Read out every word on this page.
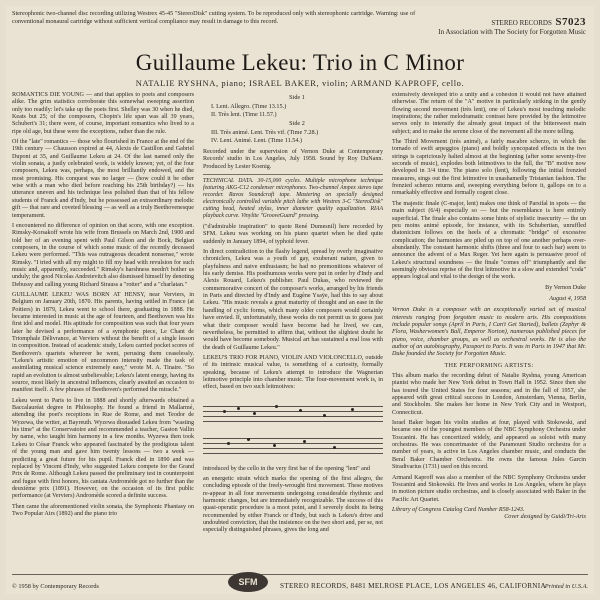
Stereophonic two-channel disc recording utilizing Westrex 45-45 "StereoDisk" cutting system. To be reproduced only with stereophonic cartridge. Warning: use of conventional monaural cartridge without sufficient vertical compliance may result in damage to this record.	STEREO RECORDS S7023
In Association with The Society for Forgotten Music
Guillaume Lekeu: Trio in C Minor
NATALIE RYSHNA, piano; ISRAEL BAKER, violin; ARMAND KAPROFF, cello.

ROMANTICS DIE YOUNG — and that applies to poets and composers alike. The grim statistics corroborate this somewhat sweeping assertion only too readily: let's take up the poets first. Shelley was 30 when he died, Keats but 25; of the composers, Chopin's life span was all 39 years, Schubert's 31; there were, of course, important romantics who lived to a ripe old age, but these were the exceptions, rather than the rule.

Of the "late" romantics — those who flourished in France at the end of the 19th century — Chausson expired at 44, Alexis de Castillon and Gabriel Dupont at 35, and Guillaume Lekeu at 24. Of the last named only the violin sonata, a justly celebrated work, is widely known; yet, of the four composers, Lekeu was, perhaps, the most brilliantly endowed, and the most promising. His conquest was no larger — (how could it be other wise with a man who died before reaching his 25th birthday?) — his utterance uneven and his technique less polished than that of his fellow students of Franck and d'Indy, but he possessed an extraordinary melodic gift — that rare and coveted blessing — as well as a truly Beethovenesque temperament.

I encountered no difference of opinion on that score, with one exception. Rimsky-Korsakoff wrote his wife from Brussels on March 2nd, 1900 and told her of an evening spent with Paul Gilson and de Bock, Belgian composers, in the course of which some music of the recently deceased Lekeu were performed. "This was outrageous decadent nonsense," wrote Rimsky. "I tried with all my might to fill my head with revulsion for such music and, apparently, succeeded." Rimsky's harshness needn't bother us unduly; the good Nicolas Andreievitch also dismissed himself by denoting Debussy and calling young Richard Strauss a "rotter" and a "charlatan."

GUILLAUME LEKEU WAS BORN AT HENSY, near Verviers, in Belgium on January 20th, 1870. His parents, having settled in France (at Poitiers) in 1879, Lekeu went to school there, graduating in 1888. He became interested in music at the age of fourteen, and Beethoven was his first idol and model. His aptitude for composition was such that four years later he devised a performance of a symphonic piece, Le Chant de Triomphale Délivrance, at Verviers without the benefit of a single lesson in composition. Instead of academic study, Lekeu carried pocket scores of Beethoven's quartets wherever he went, perusing them ceaselessly. "Lekeu's artistic emotion of uncommon intensity made the task of assimilating musical science extremely easy," wrote M. A. Tinaire. "So rapid an evolution is almost unbelievable; Lekeu's latent energy, having its source, most likely in ancestral influences, clearly awaited an occasion to manifest itself. A few phrases of Beethoven's performed the miracle."

Lekeu went to Paris to live in 1888 and shortly afterwards obtained a Baccalauréat degree in Philosophy. He found a friend in Mallarmé, attending the poet's receptions in Rue de Rome, and met Teodor de Wyzewa, the writer, at Bayreuth. Wyzewa dissuaded Lekeu from "wasting his time" at the Conservatoire and recommended a teacher, Gaston Vallin by name, who taught him harmony in a few months. Wyzewa then took Lekeu to César Franck who appeared fascinated by the prodigious talent of the young man and gave him twenty lessons — two a week — predicting a great future for his pupil. Franck died in 1890 and was replaced by Vincent d'Indy, who suggested Lekeu compete for the Grand Prix de Rome. Although Lekeu passed the preliminary test in counterpoint and fugue with first honors, his cantata Andromède got no further than the deuxième prix (1891). However, on the occasion of its first public performance (at Verviers) Andromède scored a definite success.

Then came the aforementioned violin sonata, the Symphonic Phantasy on Two Popular Airs (1892) and the piano trio

Side 1
I. Lent. Allegro. (Time 13.15.)
II. Très lent. (Time 11.57.)
Side 2
III. Très animé. Lent. Très vif. (Time 7.28.)
IV. Lent. Animé. Lent. (Time 11.54.)

Recorded under the supervision of Vernon Duke at Contemporary Records' studio in Los Angeles, July 1958. Sound by Roy DuNann. Produced by Lester Koenig.

TECHNICAL DATA. 30-15,000 cycles. Multiple microphone technique featuring AKG-C12 condenser microphones. Two-channel Ampex stereo tape recorder. Ravox Soundcraft tape. Mastering on specially designed electronically controlled variable pitch lathe with Westrex 3-C "StereoDisk" cutting head, heated stylus, inner diameter quality equalization. RIAA playback curve. Vinylite "GrooveGuard" pressing.

("d'admirable inspiration" to quote René Dumesnil) here recorded by SFM. Lekeu was working on his piano quartet when he died quite suddenly in January 1894, of typhoid fever.

In direct contradiction to the flashy legend, spread by overly imaginative chroniclers, Lekeu was a youth of gay, exuberant nature, given to playfulness and naive enthusiasm; he had no premonitions whatever of his early demise. His posthumous works were put in order by d'Indy and Alexis Rouard, Lekeu's publisher. Paul Dukas, who reviewed the commemorative concert of the composer's works, arranged by his friends in Paris and directed by d'Indy and Eugène Ysaÿe, had this to say about Lekeu. "His music reveals a great maturity of thought and an ease in the handling of cyclic forms, which many older composers would certainly have envied. If, unfortunately, these works do not permit us to guess just what their composer would have become had he lived, we can, nevertheless, be permitted to affirm that, without the slightest doubt he would have become somebody. Musical art has sustained a real loss with the death of Guillaume Lekeu."

LEKEU'S TRIO FOR PIANO, VIOLIN AND VIOLONCELLO, outside of its intrinsic musical value, is something of a curiosity, formally speaking, because of Lekeu's attempt to introduce the Wagnerian leitmotive principle into chamber music. The four-movement work is, in effect, based on two such leitmotives:

introduced by the cello in the very first bar of the opening "lent" and

an energetic strain which marks the opening of the first allegro, the concluding episode of the freely-wrought first movement. These motives re-appear in all four movements undergoing considerable rhythmic and harmonic changes, but are immediately recognizable. The success of this quasi-operatic procedure is a moot point, and I severely doubt its being recommended by either Franck or d'Indy, but such is Lekeu's drive and undoubted conviction, that the insistence on the two short and, per se, not especially distinguished phrases, gives the long and

extensively developed trio a unity and a cohesion it would not have attained otherwise. The return of the "A" motive in particularly striking in the gently flowing second movement (très lent), one of Lekeu's most touching melodic inspirations; the rather melodramatic contrast here provided by the leitmotive serves only to intensify the already great impact of the bittersweet main subject; and to make the serene close of the movement all the more telling.

The Third Movement (très animé), a fairly macabre scherzo, in which the tornado of swift arpeggios (piano) and boldly syncopated effects in the two strings is capriciously halted almost at the beginning (after some seventy-five seconds of music), explodes both leitmotives to the full, the "B" motive now developed in 3/4 time. The piano solo (lent), following the initial frenzied measures, sings out the first leitmotive in unashamedly Tristanian fashion. The frenzied scherzo returns and, sweeping everything before it, gallops on to a remarkably effective and formally cogent close.

The majestic finale (C-major, lent) makes one think of Parsifal in spots — the main subject (6/4) especially so — but the resemblance is here entirely superficial. The finale also contains some hints of stylistic insecurity — the un peu moins animé episode, for instance, with its Schubertian, unruffled diatonicism follows on the heels of a chromatic "bridge" of excessive complication; the harmonies are piled up on top of one another perhaps over-abundantly. The constant harmonic shifts (three and four to each bar) seem to announce the advent of a Max Reger. Yet here again is persuasive proof of Lekeu's structural soundness — the finale "comes off" triumphantly and the seemingly obvious reprise of the first leitmotive in a slow and extended "coda" appears logical and vital to the design of the work.

By Vernon Duke
August 4, 1958

Vernon Duke is a composer with an exceptionally varied set of musical interests ranging from forgotten music to modern arts. His compositions include popular songs (April in Paris, I Can't Get Started), ballets (Zephyr & Flora, Washerwomen's Ball, Emperor Norton), numerous published pieces for piano, voice, chamber groups, as well as orchestral works. He is also the author of an autobiography, Passport to Paris. It was in Paris in 1947 that Mr. Duke founded the Society for Forgotten Music.

THE PERFORMING ARTISTS:

This album marks the recording debut of Natalie Ryshna, young American pianist who made her New York debut in Town Hall in 1952. Since then she has toured the United States for four seasons; and in the fall of 1957, she appeared with great critical success in London, Amsterdam, Vienna, Berlin, and Stockholm. She makes her home in New York City and in Westport, Connecticut.

Israel Baker began his violin studies at four, played with Stokowski, and became one of the youngest members of the NBC Symphony Orchestra under Toscanini. He has concertized widely, and appeared as soloist with many orchestras. He was concertmaster of the Paramount Studio orchestra for a number of years, is active in Los Angeles chamber music, and conducts the Beral Baker Chamber Orchestra. He owns the famous Jules Garcin Stradivarius (1731) used on this record.

Armand Kaproff was also a member of the NBC Symphony Orchestra under Toscanini and Stokowski. He lives and works in Los Angeles, where he plays in motion picture studio orchestras, and is closely associated with Baker in the Pacific Art Quartet.

Library of Congress Catalog Card Number R58-1243.
Cover designed by Guidi/Tri-Arts
SFM
© 1958 by Contemporary Records	STEREO RECORDS, 8481 MELROSE PLACE, LOS ANGELES 46, CALIFORNIA
Printed in U.S.A.
